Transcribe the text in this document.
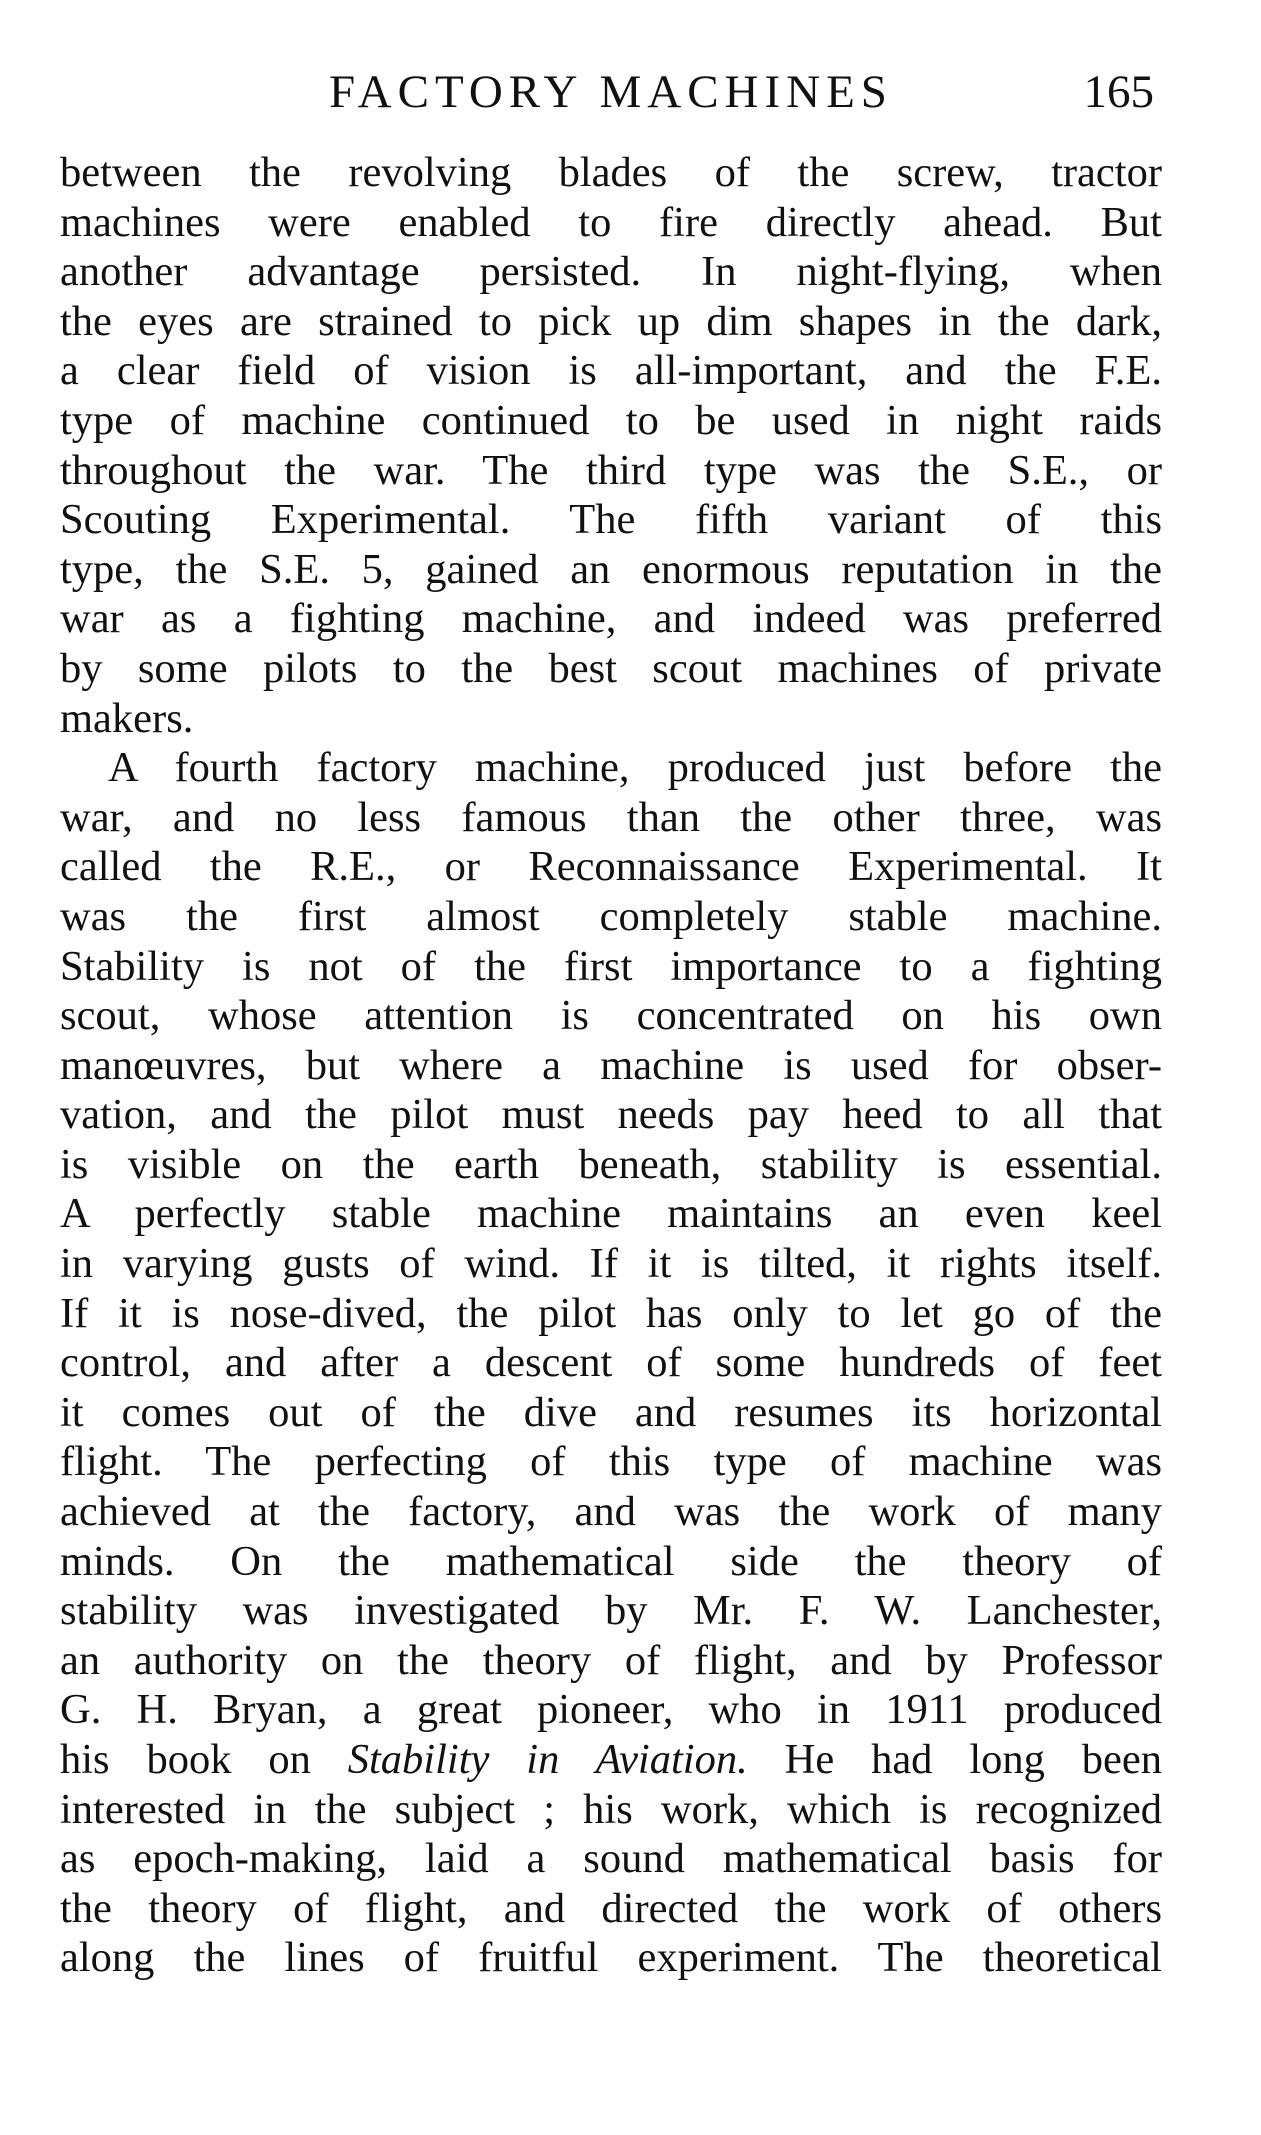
FACTORY MACHINES	165
between the revolving blades of the screw, tractor
machines were enabled to fire directly ahead. But
another advantage persisted. In night-flying, when
the eyes are strained to pick up dim shapes in the dark,
a clear field of vision is all-important, and the F.E.
type of machine continued to be used in night raids
throughout the war. The third type was the S.E., or
Scouting Experimental. The fifth variant of this
type, the S.E. 5, gained an enormous reputation in the
war as a fighting machine, and indeed was preferred
by some pilots to the best scout machines of private
makers.
A fourth factory machine, produced just before the
war, and no less famous than the other three, was
called the R.E., or Reconnaissance Experimental. It
was the first almost completely stable machine.
Stability is not of the first importance to a fighting
scout, whose attention is concentrated on his own
manœuvres, but where a machine is used for obser-
vation, and the pilot must needs pay heed to all that
is visible on the earth beneath, stability is essential.
A perfectly stable machine maintains an even keel
in varying gusts of wind. If it is tilted, it rights itself.
If it is nose-dived, the pilot has only to let go of the
control, and after a descent of some hundreds of feet
it comes out of the dive and resumes its horizontal
flight. The perfecting of this type of machine was
achieved at the factory, and was the work of many
minds. On the mathematical side the theory of
stability was investigated by Mr. F. W. Lanchester,
an authority on the theory of flight, and by Professor
G. H. Bryan, a great pioneer, who in 1911 produced
his book on Stability in Aviation. He had long been
interested in the subject ; his work, which is recognized
as epoch-making, laid a sound mathematical basis for
the theory of flight, and directed the work of others
along the lines of fruitful experiment. The theoretical
